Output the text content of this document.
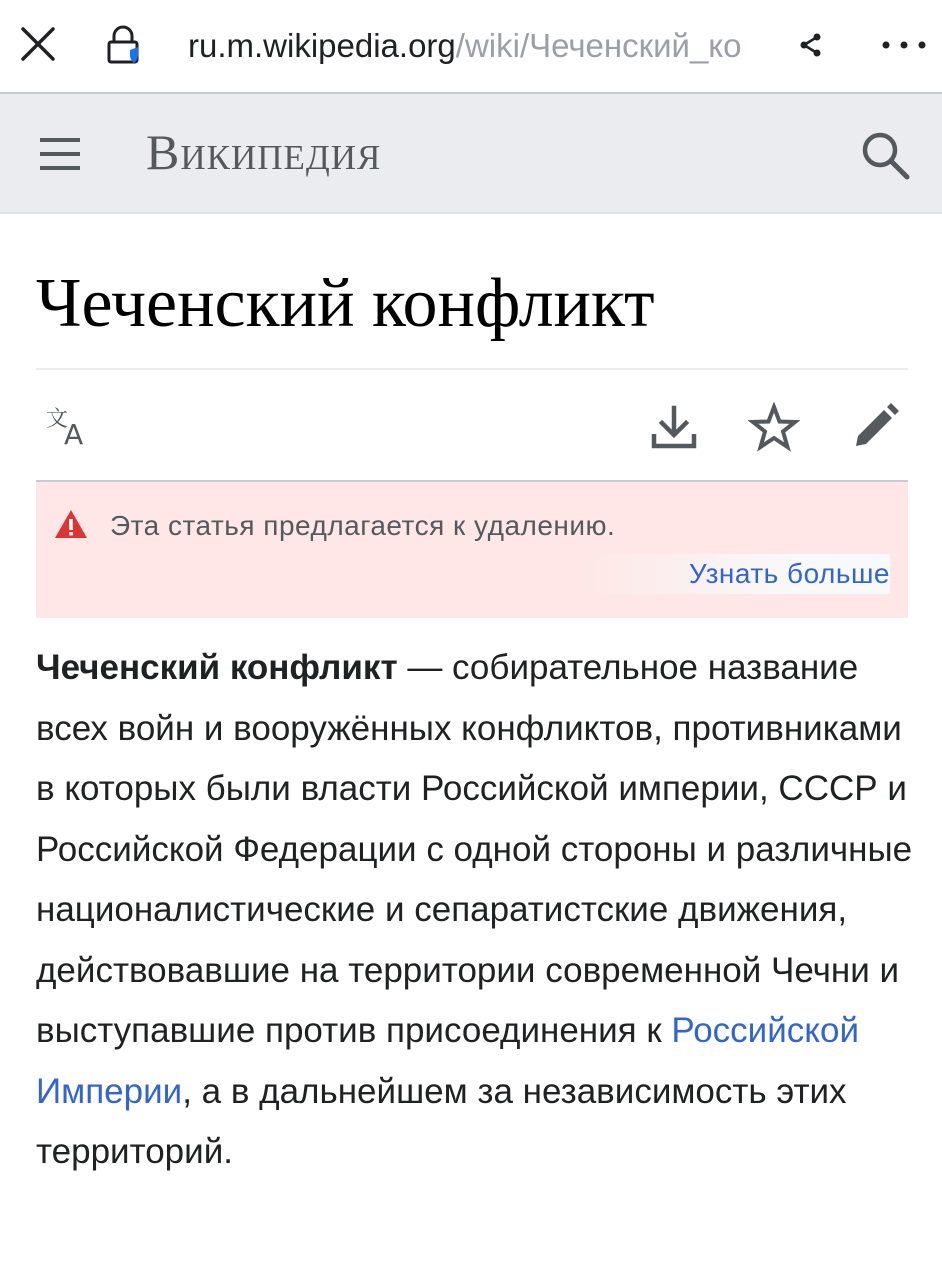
ru.m.wikipedia.org/wiki/Чеченский_ко
Википедия
Чеченский конфликт
文
A
Эта статья предлагается к удалению.
Узнать больше

Чеченский конфликт — собирательное название всех войн и вооружённых конфликтов, противниками в которых были власти Российской империи, СССР и Российской Федерации с одной стороны и различные националистические и сепаратистские движения, действовавшие на территории современной Чечни и выступавшие против присоединения к Российской Империи, а в дальнейшем за независимость этих территорий.
